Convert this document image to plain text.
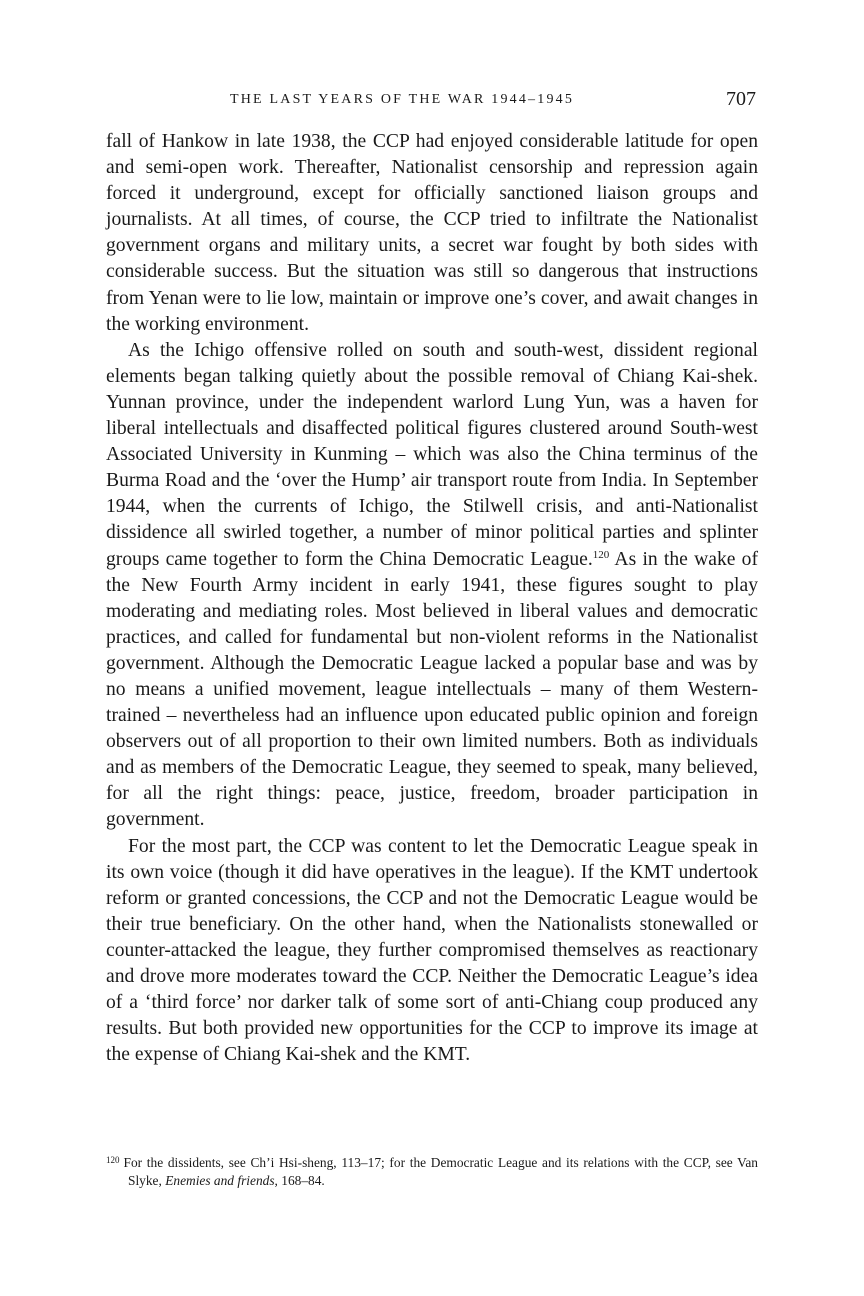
THE LAST YEARS OF THE WAR 1944–1945	707

fall of Hankow in late 1938, the CCP had enjoyed considerable latitude for open and semi-open work. Thereafter, Nationalist censorship and repression again forced it underground, except for officially sanctioned liaison groups and journalists. At all times, of course, the CCP tried to infiltrate the Nationalist government organs and military units, a secret war fought by both sides with considerable success. But the situation was still so dangerous that instructions from Yenan were to lie low, maintain or improve one’s cover, and await changes in the working environment.

As the Ichigo offensive rolled on south and south-west, dissident regional elements began talking quietly about the possible removal of Chiang Kai-shek. Yunnan province, under the independent warlord Lung Yun, was a haven for liberal intellectuals and disaffected political figures clustered around South-west Associated University in Kunming – which was also the China terminus of the Burma Road and the ‘over the Hump’ air transport route from India. In September 1944, when the currents of Ichigo, the Stilwell crisis, and anti-Nationalist dissidence all swirled together, a number of minor political parties and splinter groups came together to form the China Democratic League.$^{120}$ As in the wake of the New Fourth Army incident in early 1941, these figures sought to play moderating and mediating roles. Most believed in liberal values and democratic practices, and called for fundamental but non-violent reforms in the Nationalist government. Although the Democratic League lacked a popular base and was by no means a unified movement, league intellectuals – many of them Western-trained – nevertheless had an influence upon educated public opinion and foreign observers out of all proportion to their own limited numbers. Both as individuals and as members of the Democratic League, they seemed to speak, many believed, for all the right things: peace, justice, freedom, broader participation in government.

For the most part, the CCP was content to let the Democratic League speak in its own voice (though it did have operatives in the league). If the KMT undertook reform or granted concessions, the CCP and not the Democratic League would be their true beneficiary. On the other hand, when the Nationalists stonewalled or counter-attacked the league, they further compromised themselves as reactionary and drove more moderates toward the CCP. Neither the Democratic League’s idea of a ‘third force’ nor darker talk of some sort of anti-Chiang coup produced any results. But both provided new opportunities for the CCP to improve its image at the expense of Chiang Kai-shek and the KMT.

$^{120}$ For the dissidents, see Ch’i Hsi-sheng, 113–17; for the Democratic League and its relations with the CCP, see Van Slyke, Enemies and friends, 168–84.
